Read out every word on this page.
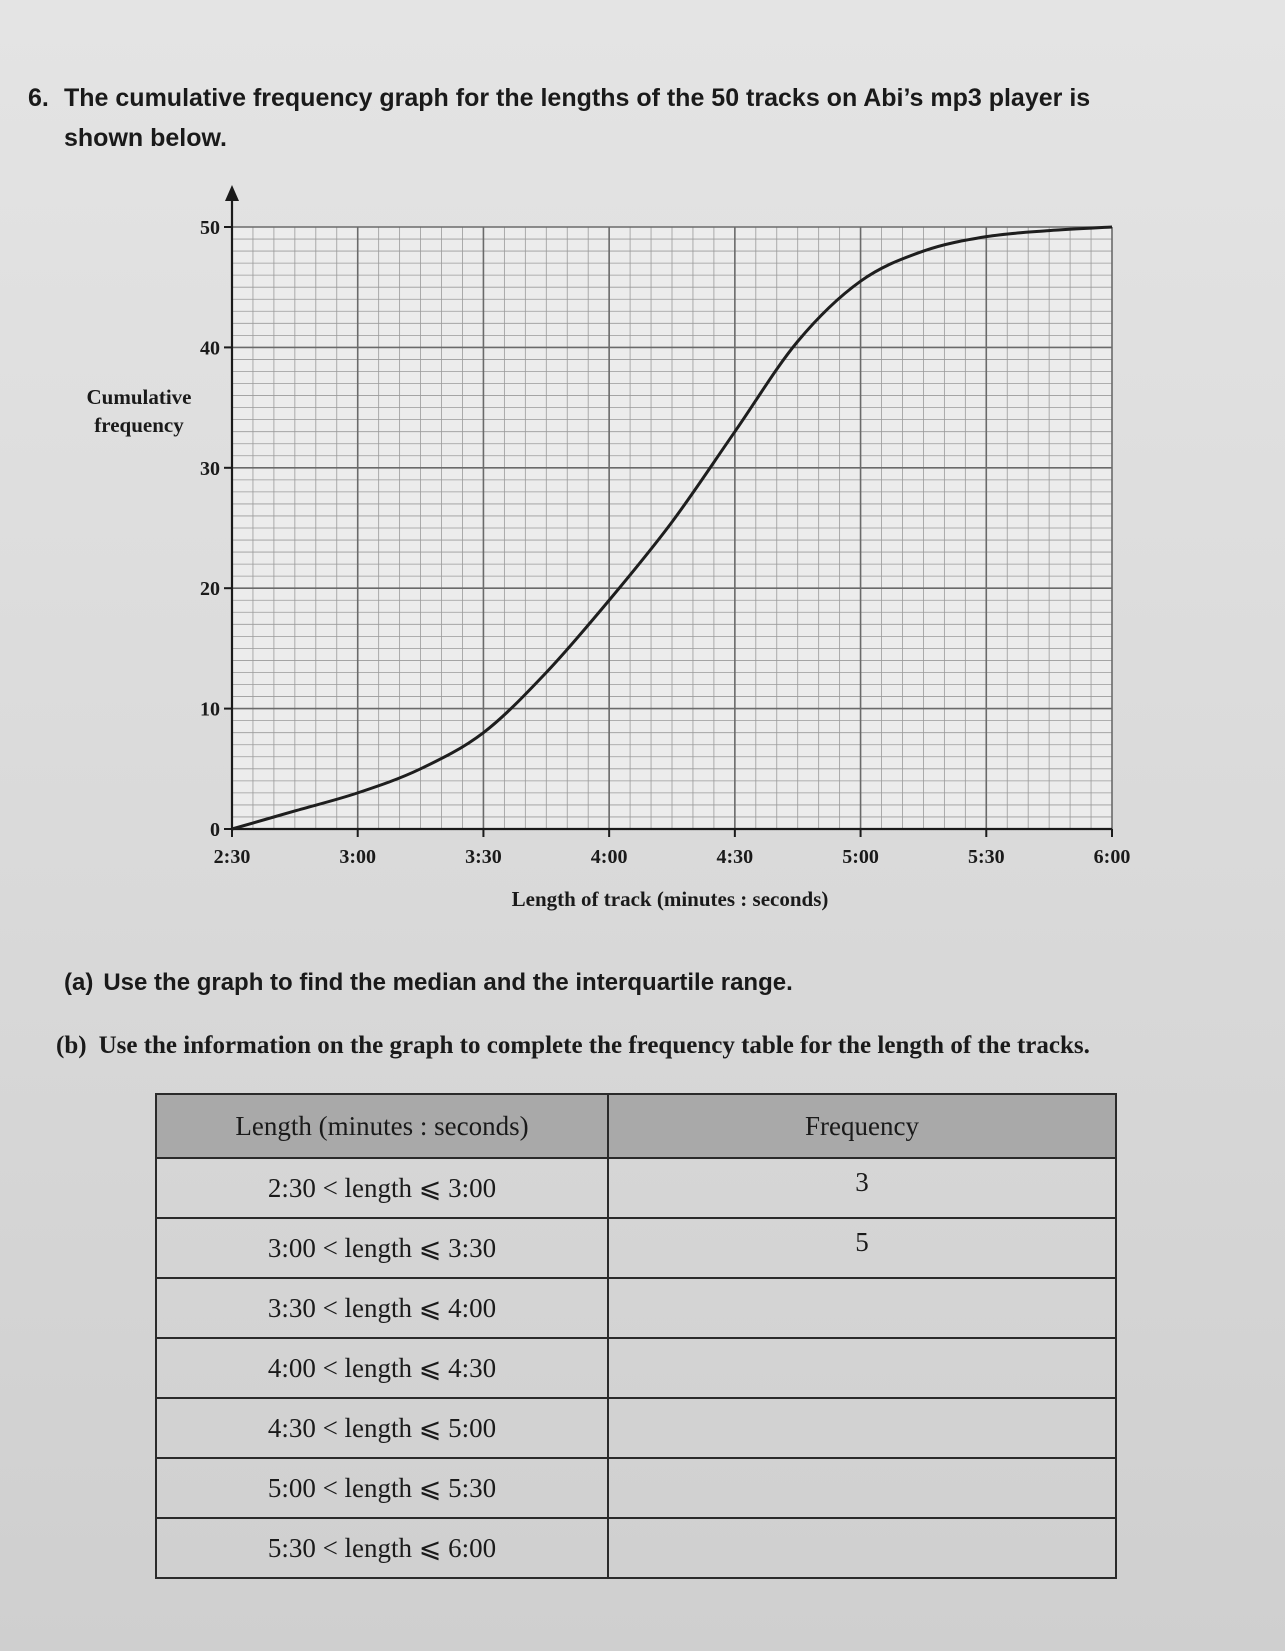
6. The cumulative frequency graph for the lengths of the 50 tracks on Abi’s mp3 player is
shown below.
0
10
20
30
40
50
2:30	3:00	3:30	4:00	4:30	5:00	5:30	6:00
Cumulative
frequency
Length of track (minutes : seconds)
(a) Use the graph to find the median and the interquartile range.
(b) Use the information on the graph to complete the frequency table for the length of the tracks.
Length (minutes : seconds)	Frequency
2:30 < length ⩽ 3:00	3
3:00 < length ⩽ 3:30	5
3:30 < length ⩽ 4:00	
4:00 < length ⩽ 4:30	
4:30 < length ⩽ 5:00	
5:00 < length ⩽ 5:30	
5:30 < length ⩽ 6:00	
